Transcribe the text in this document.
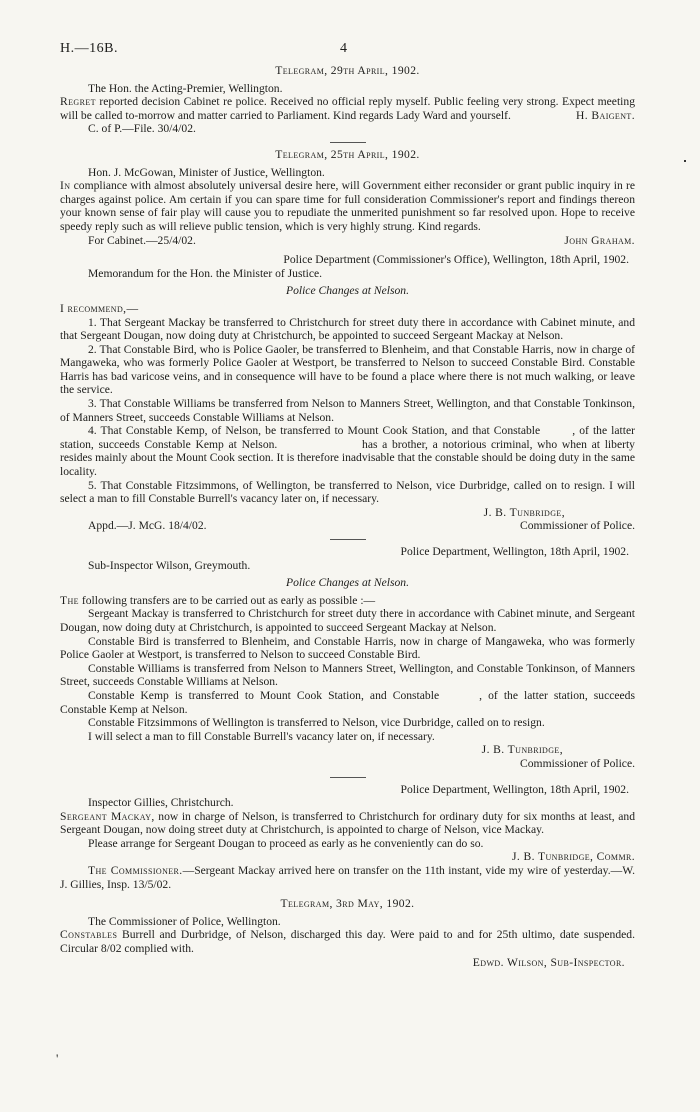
'
H.—16B.	4

Telegram, 29th April, 1902.

The Hon. the Acting-Premier, Wellington.

Regret reported decision Cabinet re police. Received no official reply myself. Public feeling very strong. Expect meeting will be called to-morrow and matter carried to Parliament. Kind regards Lady Ward and yourself.	H. Baigent.

C. of P.—File. 30/4/02.

Telegram, 25th April, 1902.

Hon. J. McGowan, Minister of Justice, Wellington.

In compliance with almost absolutely universal desire here, will Government either reconsider or grant public inquiry in re charges against police. Am certain if you can spare time for full consideration Commissioner's report and findings thereon your known sense of fair play will cause you to repudiate the unmerited punishment so far resolved upon. Hope to receive speedy reply such as will relieve public tension, which is very highly strung. Kind regards.

For Cabinet.—25/4/02.	John Graham.

Police Department (Commissioner's Office), Wellington, 18th April, 1902.

Memorandum for the Hon. the Minister of Justice.

Police Changes at Nelson.

I recommend,—

1. That Sergeant Mackay be transferred to Christchurch for street duty there in accordance with Cabinet minute, and that Sergeant Dougan, now doing duty at Christchurch, be appointed to succeed Sergeant Mackay at Nelson.

2. That Constable Bird, who is Police Gaoler, be transferred to Blenheim, and that Constable Harris, now in charge of Mangaweka, who was formerly Police Gaoler at Westport, be transferred to Nelson to succeed Constable Bird. Constable Harris has bad varicose veins, and in consequence will have to be found a place where there is not much walking, or leave the service.

3. That Constable Williams be transferred from Nelson to Manners Street, Wellington, and that Constable Tonkinson, of Manners Street, succeeds Constable Williams at Nelson.

4. That Constable Kemp, of Nelson, be transferred to Mount Cook Station, and that Constable	, of the latter station, succeeds Constable Kemp at Nelson.	has a brother, a notorious criminal, who when at liberty resides mainly about the Mount Cook section. It is therefore inadvisable that the constable should be doing duty in the same locality.

5. That Constable Fitzsimmons, of Wellington, be transferred to Nelson, vice Durbridge, called on to resign. I will select a man to fill Constable Burrell's vacancy later on, if necessary.

J. B. Tunbridge,

Appd.—J. McG. 18/4/02.	Commissioner of Police.

Police Department, Wellington, 18th April, 1902.

Sub-Inspector Wilson, Greymouth.

Police Changes at Nelson.

The following transfers are to be carried out as early as possible :—

Sergeant Mackay is transferred to Christchurch for street duty there in accordance with Cabinet minute, and Sergeant Dougan, now doing duty at Christchurch, is appointed to succeed Sergeant Mackay at Nelson.

Constable Bird is transferred to Blenheim, and Constable Harris, now in charge of Mangaweka, who was formerly Police Gaoler at Westport, is transferred to Nelson to succeed Constable Bird.

Constable Williams is transferred from Nelson to Manners Street, Wellington, and Constable Tonkinson, of Manners Street, succeeds Constable Williams at Nelson.

Constable Kemp is transferred to Mount Cook Station, and Constable	, of the latter station, succeeds Constable Kemp at Nelson.

Constable Fitzsimmons of Wellington is transferred to Nelson, vice Durbridge, called on to resign.

I will select a man to fill Constable Burrell's vacancy later on, if necessary.

J. B. Tunbridge,

Commissioner of Police.

Police Department, Wellington, 18th April, 1902.

Inspector Gillies, Christchurch.

Sergeant Mackay, now in charge of Nelson, is transferred to Christchurch for ordinary duty for six months at least, and Sergeant Dougan, now doing street duty at Christchurch, is appointed to charge of Nelson, vice Mackay.

Please arrange for Sergeant Dougan to proceed as early as he conveniently can do so.

J. B. Tunbridge, Commr.

The Commissioner.—Sergeant Mackay arrived here on transfer on the 11th instant, vide my wire of yesterday.—W. J. Gillies, Insp. 13/5/02.

Telegram, 3rd May, 1902.

The Commissioner of Police, Wellington.

Constables Burrell and Durbridge, of Nelson, discharged this day. Were paid to and for 25th ultimo, date suspended. Circular 8/02 complied with.

Edwd. Wilson, Sub-Inspector.
